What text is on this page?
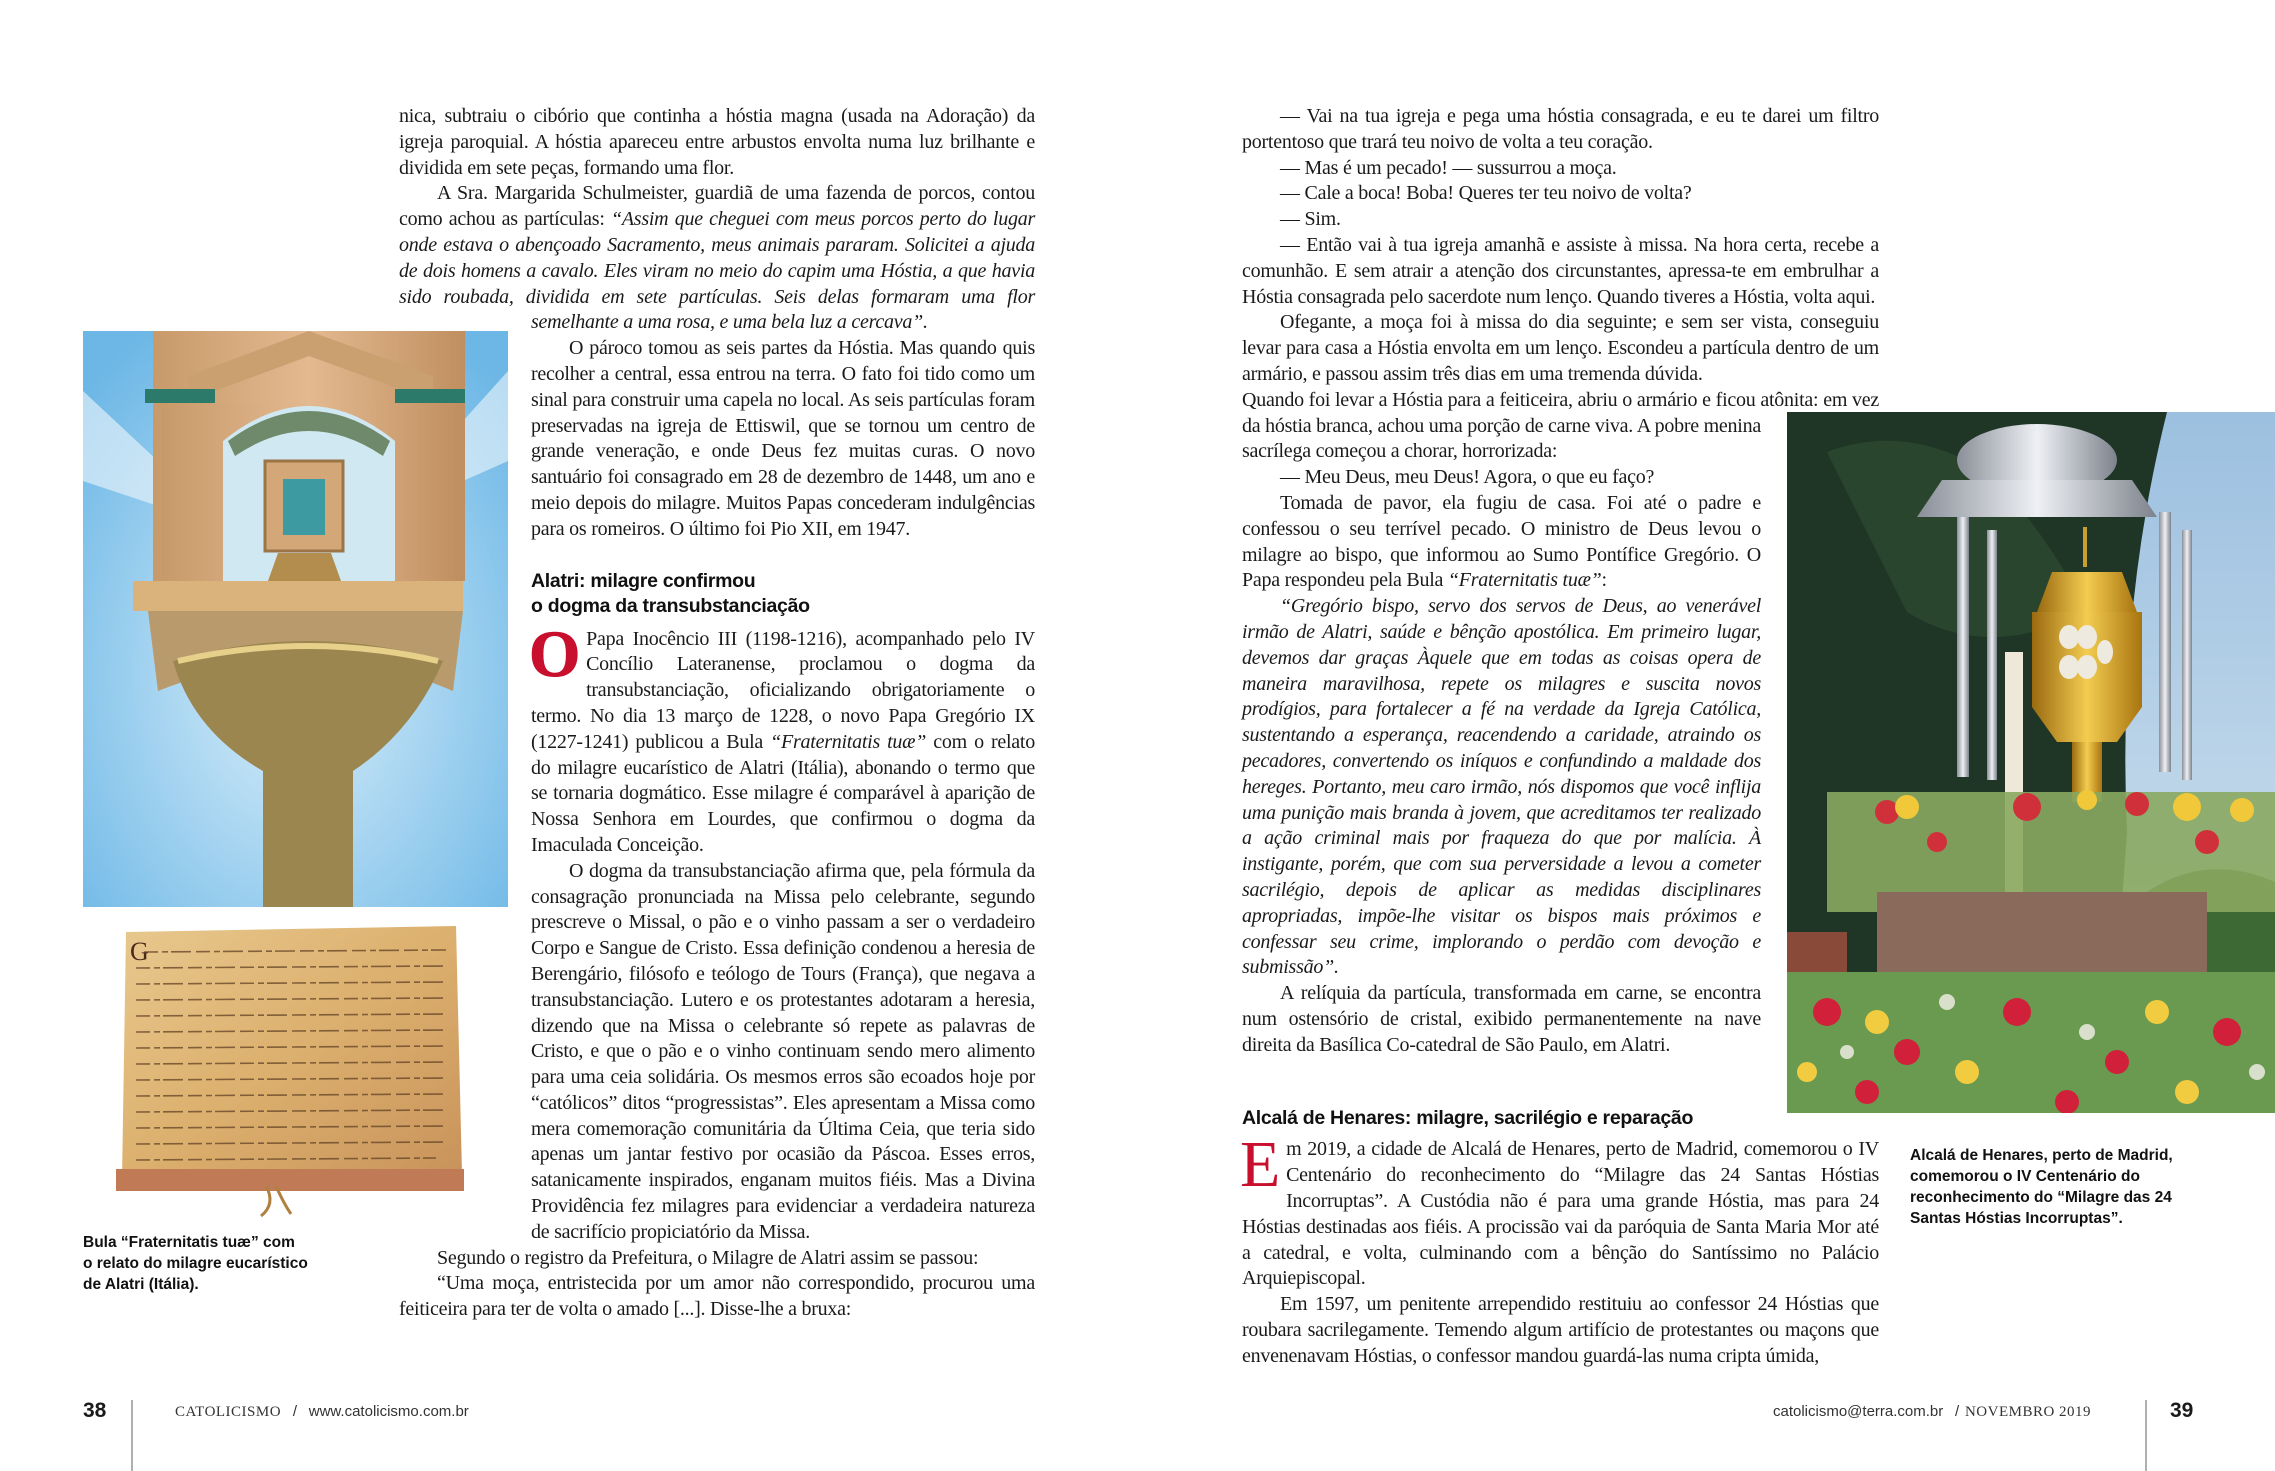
G
Bula “Fraternitatis tuæ” com
o relato do milagre eucarístico
de Alatri (Itália).

nica, subtraiu o cibório que continha a hóstia magna (usada na Adoração) da igreja paroquial. A hóstia apareceu entre arbustos envolta numa luz brilhante e dividida em sete peças, formando uma flor.

A Sra. Margarida Schulmeister, guardiã de uma fazenda de porcos, contou como achou as partículas: “Assim que cheguei com meus porcos perto do lugar onde estava o abençoado Sacramento, meus animais pararam. Solicitei a ajuda de dois homens a cavalo. Eles viram no meio do capim uma Hóstia, a que havia sido roubada, dividida em sete partículas. Seis delas formaram uma flor semelhante a uma rosa, e uma bela luz a cercava”.

O pároco tomou as seis partes da Hóstia. Mas quando quis recolher a central, essa entrou na terra. O fato foi tido como um sinal para construir uma capela no local. As seis partículas foram preservadas na igreja de Ettiswil, que se tornou um centro de grande veneração, e onde Deus fez muitas curas. O novo santuário foi consagrado em 28 de dezembro de 1448, um ano e meio depois do milagre. Muitos Papas concederam indulgências para os romeiros. O último foi Pio XII, em 1947.

Alatri: milagre confirmou
o dogma da transubstanciação

O Papa Inocêncio III (1198-1216), acompanhado pelo IV Concílio Lateranense, proclamou o dogma da transubstanciação, oficializando obrigatoriamente o termo. No dia 13 março de 1228, o novo Papa Gregório IX (1227-1241) publicou a Bula “Fraternitatis tuæ” com o relato do milagre eucarístico de Alatri (Itália), abonando o termo que se tornaria dogmático. Esse milagre é comparável à aparição de Nossa Senhora em Lourdes, que confirmou o dogma da Imaculada Conceição.

O dogma da transubstanciação afirma que, pela fórmula da consagração pronunciada na Missa pelo celebrante, segundo prescreve o Missal, o pão e o vinho passam a ser o verdadeiro Corpo e Sangue de Cristo. Essa definição condenou a heresia de Berengário, filósofo e teólogo de Tours (França), que negava a transubstanciação. Lutero e os protestantes adotaram a heresia, dizendo que na Missa o celebrante só repete as palavras de Cristo, e que o pão e o vinho continuam sendo mero alimento para uma ceia solidária. Os mesmos erros são ecoados hoje por “católicos” ditos “progressistas”. Eles apresentam a Missa como mera comemoração comunitária da Última Ceia, que teria sido apenas um jantar festivo por ocasião da Páscoa. Esses erros, satanicamente inspirados, enganam muitos fiéis. Mas a Divina Providência fez milagres para evidenciar a verdadeira natureza de sacrifício propiciatório da Missa.

Segundo o registro da Prefeitura, o Milagre de Alatri assim se passou:

“Uma moça, entristecida por um amor não correspondido, procurou uma feiticeira para ter de volta o amado [...]. Disse-lhe a bruxa:

38	CATOLICISMO / www.catolicismo.com.br

— Vai na tua igreja e pega uma hóstia consagrada, e eu te darei um filtro portentoso que trará teu noivo de volta a teu coração.

— Mas é um pecado! — sussurrou a moça.

— Cale a boca! Boba! Queres ter teu noivo de volta?

— Sim.

— Então vai à tua igreja amanhã e assiste à missa. Na hora certa, recebe a comunhão. E sem atrair a atenção dos circunstantes, apressa-te em embrulhar a Hóstia consagrada pelo sacerdote num lenço. Quando tiveres a Hóstia, volta aqui.

Ofegante, a moça foi à missa do dia seguinte; e sem ser vista, conseguiu levar para casa a Hóstia envolta em um lenço. Escondeu a partícula dentro de um armário, e passou assim três dias em uma tremenda dúvida.

Quando foi levar a Hóstia para a feiticeira, abriu o armário e ficou atônita: em vez da hóstia branca, achou uma porção de carne viva. A pobre menina sacrílega começou a chorar, horrorizada:

— Meu Deus, meu Deus! Agora, o que eu faço?

Tomada de pavor, ela fugiu de casa. Foi até o padre e confessou o seu terrível pecado. O ministro de Deus levou o milagre ao bispo, que informou ao Sumo Pontífice Gregório. O Papa respondeu pela Bula “Fraternitatis tuæ”:

“Gregório bispo, servo dos servos de Deus, ao venerável irmão de Alatri, saúde e bênção apostólica. Em primeiro lugar, devemos dar graças Àquele que em todas as coisas opera de maneira maravilhosa, repete os milagres e suscita novos prodígios, para fortalecer a fé na verdade da Igreja Católica, sustentando a esperança, reacendendo a caridade, atraindo os pecadores, convertendo os iníquos e confundindo a maldade dos hereges. Portanto, meu caro irmão, nós dispomos que você inflija uma punição mais branda à jovem, que acreditamos ter realizado a ação criminal mais por fraqueza do que por malícia. À instigante, porém, que com sua perversidade a levou a cometer sacrilégio, depois de aplicar as medidas disciplinares apropriadas, impõe-lhe visitar os bispos mais próximos e confessar seu crime, implorando o perdão com devoção e submissão”.

A relíquia da partícula, transformada em carne, se encontra num ostensório de cristal, exibido permanentemente na nave direita da Basílica Co-catedral de São Paulo, em Alatri.

Alcalá de Henares: milagre, sacrilégio e reparação

Em 2019, a cidade de Alcalá de Henares, perto de Madrid, comemorou o IV Centenário do reconhecimento do “Milagre das 24 Santas Hóstias Incorruptas”. A Custódia não é para uma grande Hóstia, mas para 24 Hóstias destinadas aos fiéis. A procissão vai da paróquia de Santa Maria Mor até a catedral, e volta, culminando com a bênção do Santíssimo no Palácio Arquiepiscopal.

Em 1597, um penitente arrependido restituiu ao confessor 24 Hóstias que roubara sacrilegamente. Temendo algum artifício de protestantes ou maçons que envenenavam Hóstias, o confessor mandou guardá-las numa cripta úmida,

Alcalá de Henares, perto de Madrid,
comemorou o IV Centenário do
reconhecimento do “Milagre das 24
Santas Hóstias Incorruptas”.
catolicismo@terra.com.br / NOVEMBRO 2019	39
